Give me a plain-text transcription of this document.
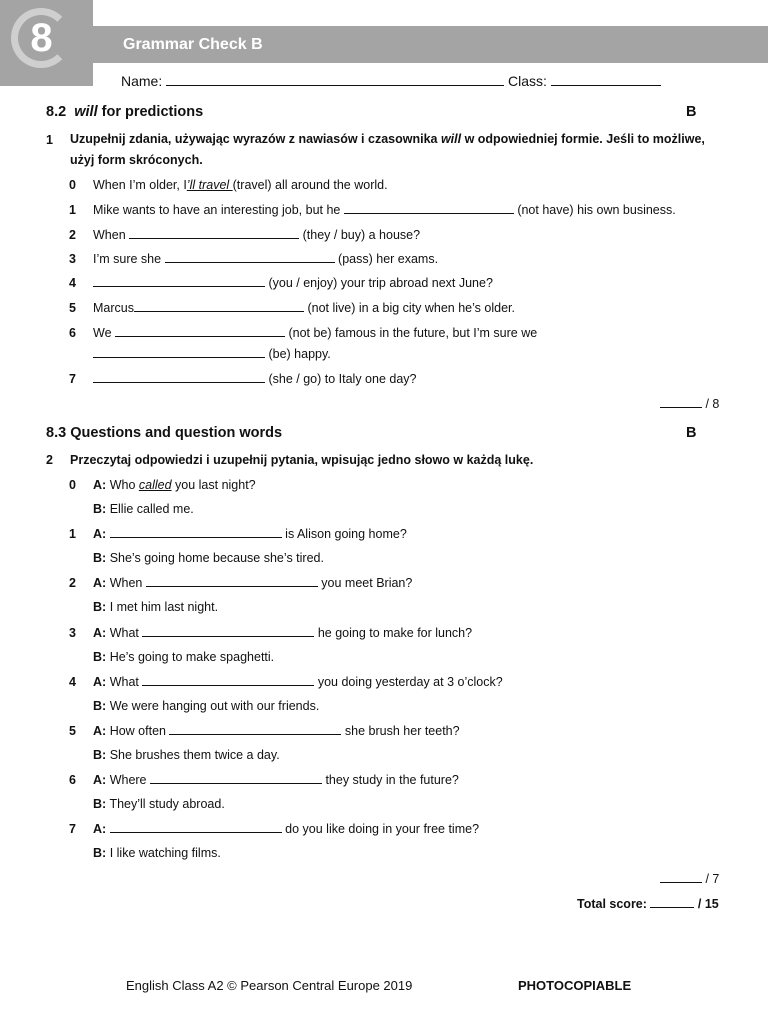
8	Grammar Check B
Name:	Class:
8.2 will for predictions	B
1 Uzupełnij zdania, używając wyrazów z nawiasów i czasownika will w odpowiedniej formie. Jeśli to możliwe, użyj form skróconych.
0 When I’m older, I’ll travel (travel) all around the world.
1 Mike wants to have an interesting job, but he	(not have) his own business.
2 When	(they / buy) a house?
3 I’m sure she	(pass) her exams.
4	(you / enjoy) your trip abroad next June?
5 Marcus	(not live) in a big city when he’s older.
6 We	(not be) famous in the future, but I’m sure we
(be) happy.
7	(she / go) to Italy one day?
/ 8
8.3 Questions and question words	B
2 Przeczytaj odpowiedzi i uzupełnij pytania, wpisując jedno słowo w każdą lukę.
0 A: Who called you last night?
B: Ellie called me.
1 A:	is Alison going home?
B: She’s going home because she’s tired.
2 A: When	you meet Brian?
B: I met him last night.
3 A: What	he going to make for lunch?
B: He’s going to make spaghetti.
4 A: What	you doing yesterday at 3 o’clock?
B: We were hanging out with our friends.
5 A: How often	she brush her teeth?
B: She brushes them twice a day.
6 A: Where	they study in the future?
B: They’ll study abroad.
7 A:	do you like doing in your free time?
B: I like watching films.
/ 7
Total score:	/ 15
English Class A2 © Pearson Central Europe 2019	PHOTOCOPIABLE
